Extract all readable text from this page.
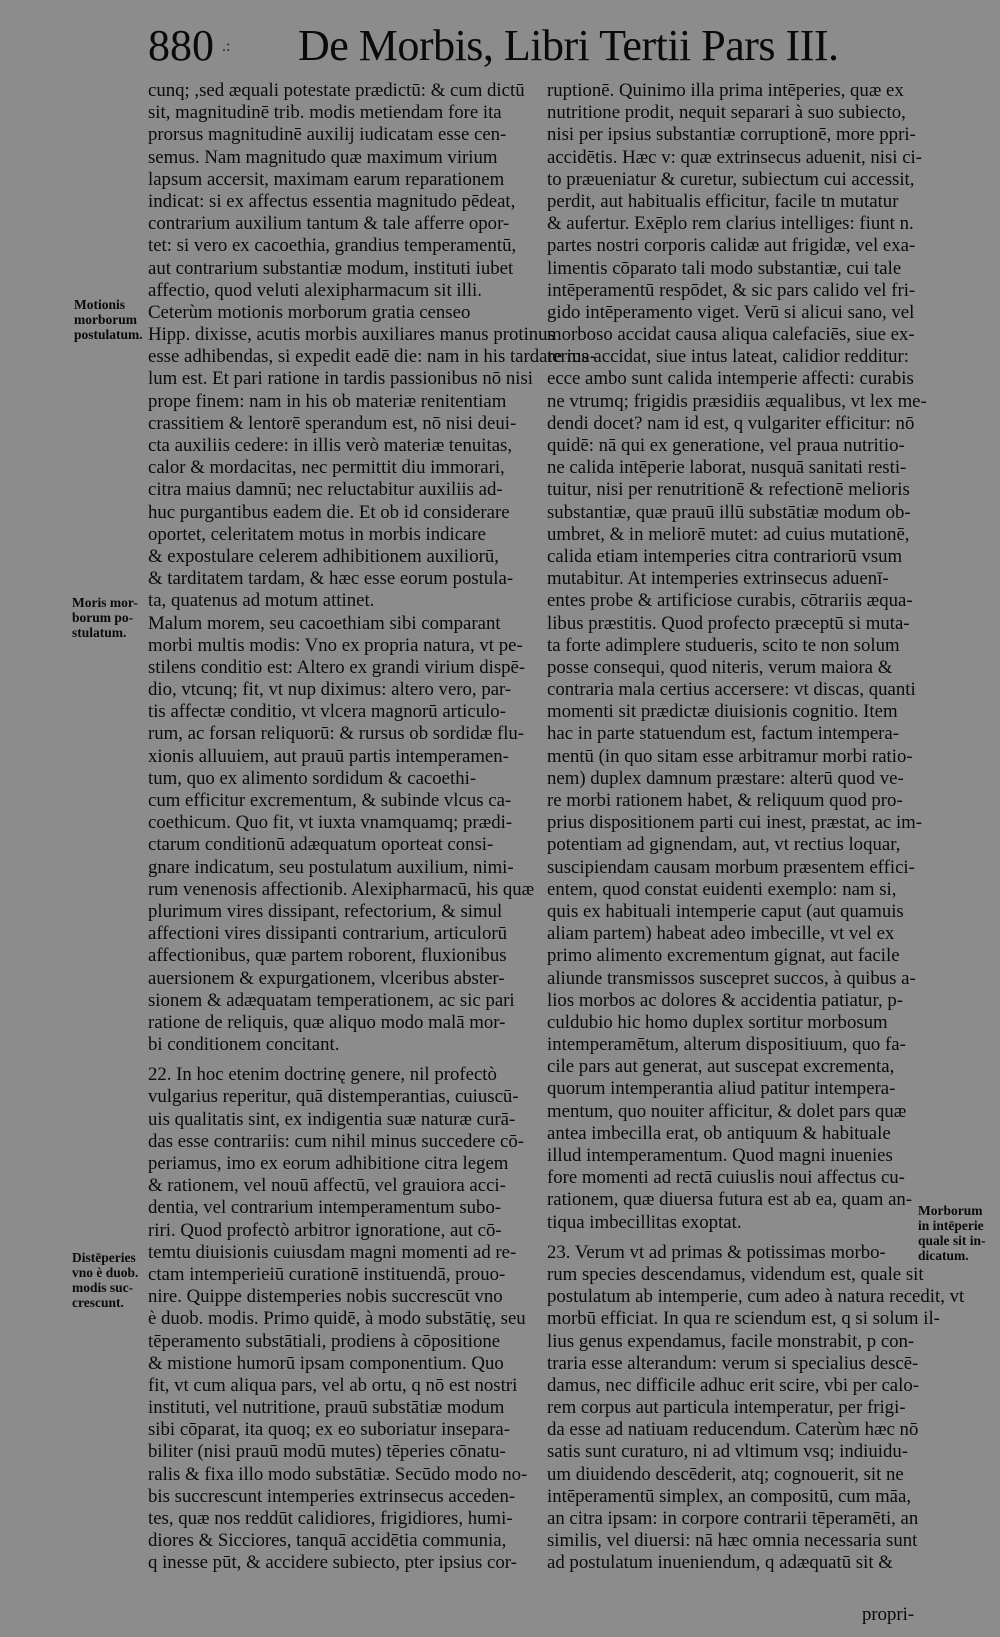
880 .: De Morbis, Libri Tertii Pars III.
cunq; ,sed æquali potestate prædictū: & cum dictū
sit, magnitudinē trib. modis metiendam fore ita
prorsus magnitudinē auxilij iudicatam esse cen-
semus. Nam magnitudo quæ maximum virium
lapsum accersit, maximam earum reparationem
indicat: si ex affectus essentia magnitudo pēdeat,
contrarium auxilium tantum & tale afferre opor-
tet: si vero ex cacoethia, grandius temperamentū,
aut contrarium substantiæ modum, instituti iubet
affectio, quod veluti alexipharmacum sit illi.
Ceterùm motionis morborum gratia censeo
Hipp. dixisse, acutis morbis auxiliares manus protinus
esse adhibendas, si expedit eadē die: nam in his tardare ma-
lum est. Et pari ratione in tardis passionibus nō nisi
prope finem: nam in his ob materiæ renitentiam
crassitiem & lentorē sperandum est, nō nisi deui-
cta auxiliis cedere: in illis verò materiæ tenuitas,
calor & mordacitas, nec permittit diu immorari,
citra maius damnū; nec reluctabitur auxiliis ad-
huc purgantibus eadem die. Et ob id considerare
oportet, celeritatem motus in morbis indicare
& expostulare celerem adhibitionem auxiliorū,
& tarditatem tardam, & hæc esse eorum postula-
ta, quatenus ad motum attinet.
Malum morem, seu cacoethiam sibi comparant
morbi multis modis: Vno ex propria natura, vt pe-
stilens conditio est: Altero ex grandi virium dispē-
dio, vtcunq; fit, vt nup diximus: altero vero, par-
tis affectæ conditio, vt vlcera magnorū articulo-
rum, ac forsan reliquorū: & rursus ob sordidæ flu-
xionis alluuiem, aut prauū partis intemperamen-
tum, quo ex alimento sordidum & cacoethi-
cum efficitur excrementum, & subinde vlcus ca-
coethicum. Quo fit, vt iuxta vnamquamq; prædi-
ctarum conditionū adæquatum oporteat consi-
gnare indicatum, seu postulatum auxilium, nimi-
rum venenosis affectionib. Alexipharmacū, his quæ
plurimum vires dissipant, refectorium, & simul
affectioni vires dissipanti contrarium, articulorū
affectionibus, quæ partem roborent, fluxionibus
auersionem & expurgationem, vlceribus abster-
sionem & adæquatam temperationem, ac sic pari
ratione de reliquis, quæ aliquo modo malā mor-
bi conditionem concitant.
22. In hoc etenim doctrinę genere, nil profectò
vulgarius reperitur, quā distemperantias, cuiuscū-
uis qualitatis sint, ex indigentia suæ naturæ curā-
das esse contrariis: cum nihil minus succedere cō-
periamus, imo ex eorum adhibitione citra legem
& rationem, vel nouū affectū, vel grauiora acci-
dentia, vel contrarium intemperamentum subo-
riri. Quod profectò arbitror ignoratione, aut cō-
temtu diuisionis cuiusdam magni momenti ad re-
ctam intemperieiū curationē instituendā, prouo-
nire. Quippe distemperies nobis succrescūt vno
è duob. modis. Primo quidē, à modo substātię, seu
tēperamento substātiali, prodiens à cōpositione
& mistione humorū ipsam componentium. Quo
fit, vt cum aliqua pars, vel ab ortu, q nō est nostri
instituti, vel nutritione, prauū substātiæ modum
sibi cōparat, ita quoq; ex eo suboriatur insepara-
biliter (nisi prauū modū mutes) tēperies cōnatu-
ralis & fixa illo modo substātiæ. Secūdo modo no-
bis succrescunt intemperies extrinsecus acceden-
tes, quæ nos reddūt calidiores, frigidiores, humi-
diores & Sicciores, tanquā accidētia communia,
q inesse pūt, & accidere subiecto, pter ipsius cor-
ruptionē. Quinimo illa prima intēperies, quæ ex
nutritione prodit, nequit separari à suo subiecto,
nisi per ipsius substantiæ corruptionē, more ppri-
accidētis. Hæc v: quæ extrinsecus aduenit, nisi ci-
to præueniatur & curetur, subiectum cui accessit,
perdit, aut habitualis efficitur, facile tn mutatur
& aufertur. Exēplo rem clarius intelliges: fiunt n.
partes nostri corporis calidæ aut frigidæ, vel exa-
limentis cōparato tali modo substantiæ, cui tale
intēperamentū respōdet, & sic pars calido vel fri-
gido intēperamento viget. Verū si alicui sano, vel
morboso accidat causa aliqua calefaciēs, siue ex-
terius accidat, siue intus lateat, calidior redditur:
ecce ambo sunt calida intemperie affecti: curabis
ne vtrumq; frigidis præsidiis æqualibus, vt lex me-
dendi docet? nam id est, q vulgariter efficitur: nō
quidē: nā qui ex generatione, vel praua nutritio-
ne calida intēperie laborat, nusquā sanitati resti-
tuitur, nisi per renutritionē & refectionē melioris
substantiæ, quæ prauū illū substātiæ modum ob-
umbret, & in meliorē mutet: ad cuius mutationē,
calida etiam intemperies citra contrariorū vsum
mutabitur. At intemperies extrinsecus aduenī-
entes probe & artificiose curabis, cōtrariis æqua-
libus præstitis. Quod profecto præceptū si muta-
ta forte adimplere studueris, scito te non solum
posse consequi, quod niteris, verum maiora &
contraria mala certius accersere: vt discas, quanti
momenti sit prædictæ diuisionis cognitio. Item
hac in parte statuendum est, factum intempera-
mentū (in quo sitam esse arbitramur morbi ratio-
nem) duplex damnum præstare: alterū quod ve-
re morbi rationem habet, & reliquum quod pro-
prius dispositionem parti cui inest, præstat, ac im-
potentiam ad gignendam, aut, vt rectius loquar,
suscipiendam causam morbum præsentem effici-
entem, quod constat euidenti exemplo: nam si,
quis ex habituali intemperie caput (aut quamuis
aliam partem) habeat adeo imbecille, vt vel ex
primo alimento excrementum gignat, aut facile
aliunde transmissos suscepret succos, à quibus a-
lios morbos ac dolores & accidentia patiatur, p-
culdubio hic homo duplex sortitur morbosum
intemperamētum, alterum dispositiuum, quo fa-
cile pars aut generat, aut suscepat excrementa,
quorum intemperantia aliud patitur intempera-
mentum, quo nouiter afficitur, & dolet pars quæ
antea imbecilla erat, ob antiquum & habituale
illud intemperamentum. Quod magni inuenies
fore momenti ad rectā cuiuslis noui affectus cu-
rationem, quæ diuersa futura est ab ea, quam an-
tiqua imbecillitas exoptat.
23. Verum vt ad primas & potissimas morbo-
rum species descendamus, videndum est, quale sit
postulatum ab intemperie, cum adeo à natura recedit, vt
morbū efficiat. In qua re sciendum est, q si solum il-
lius genus expendamus, facile monstrabit, p con-
traria esse alterandum: verum si specialius descē-
damus, nec difficile adhuc erit scire, vbi per calo-
rem corpus aut particula intemperatur, per frigi-
da esse ad natiuam reducendum. Caterùm hæc nō
satis sunt curaturo, ni ad vltimum vsq; indiuidu-
um diuidendo descēderit, atq; cognouerit, sit ne
intēperamentū simplex, an compositū, cum māa,
an citra ipsam: in corpore contrarii tēperamēti, an
similis, vel diuersi: nā hæc omnia necessaria sunt
ad postulatum inueniendum, q adæquatū sit &
Motionis
morborum
postulatum.
Moris mor-
borum po-
stulatum.
Distēperies
vno è duob.
modis suc-
crescunt.
Morborum
in intēperie
quale sit in-
dicatum.
propri-
